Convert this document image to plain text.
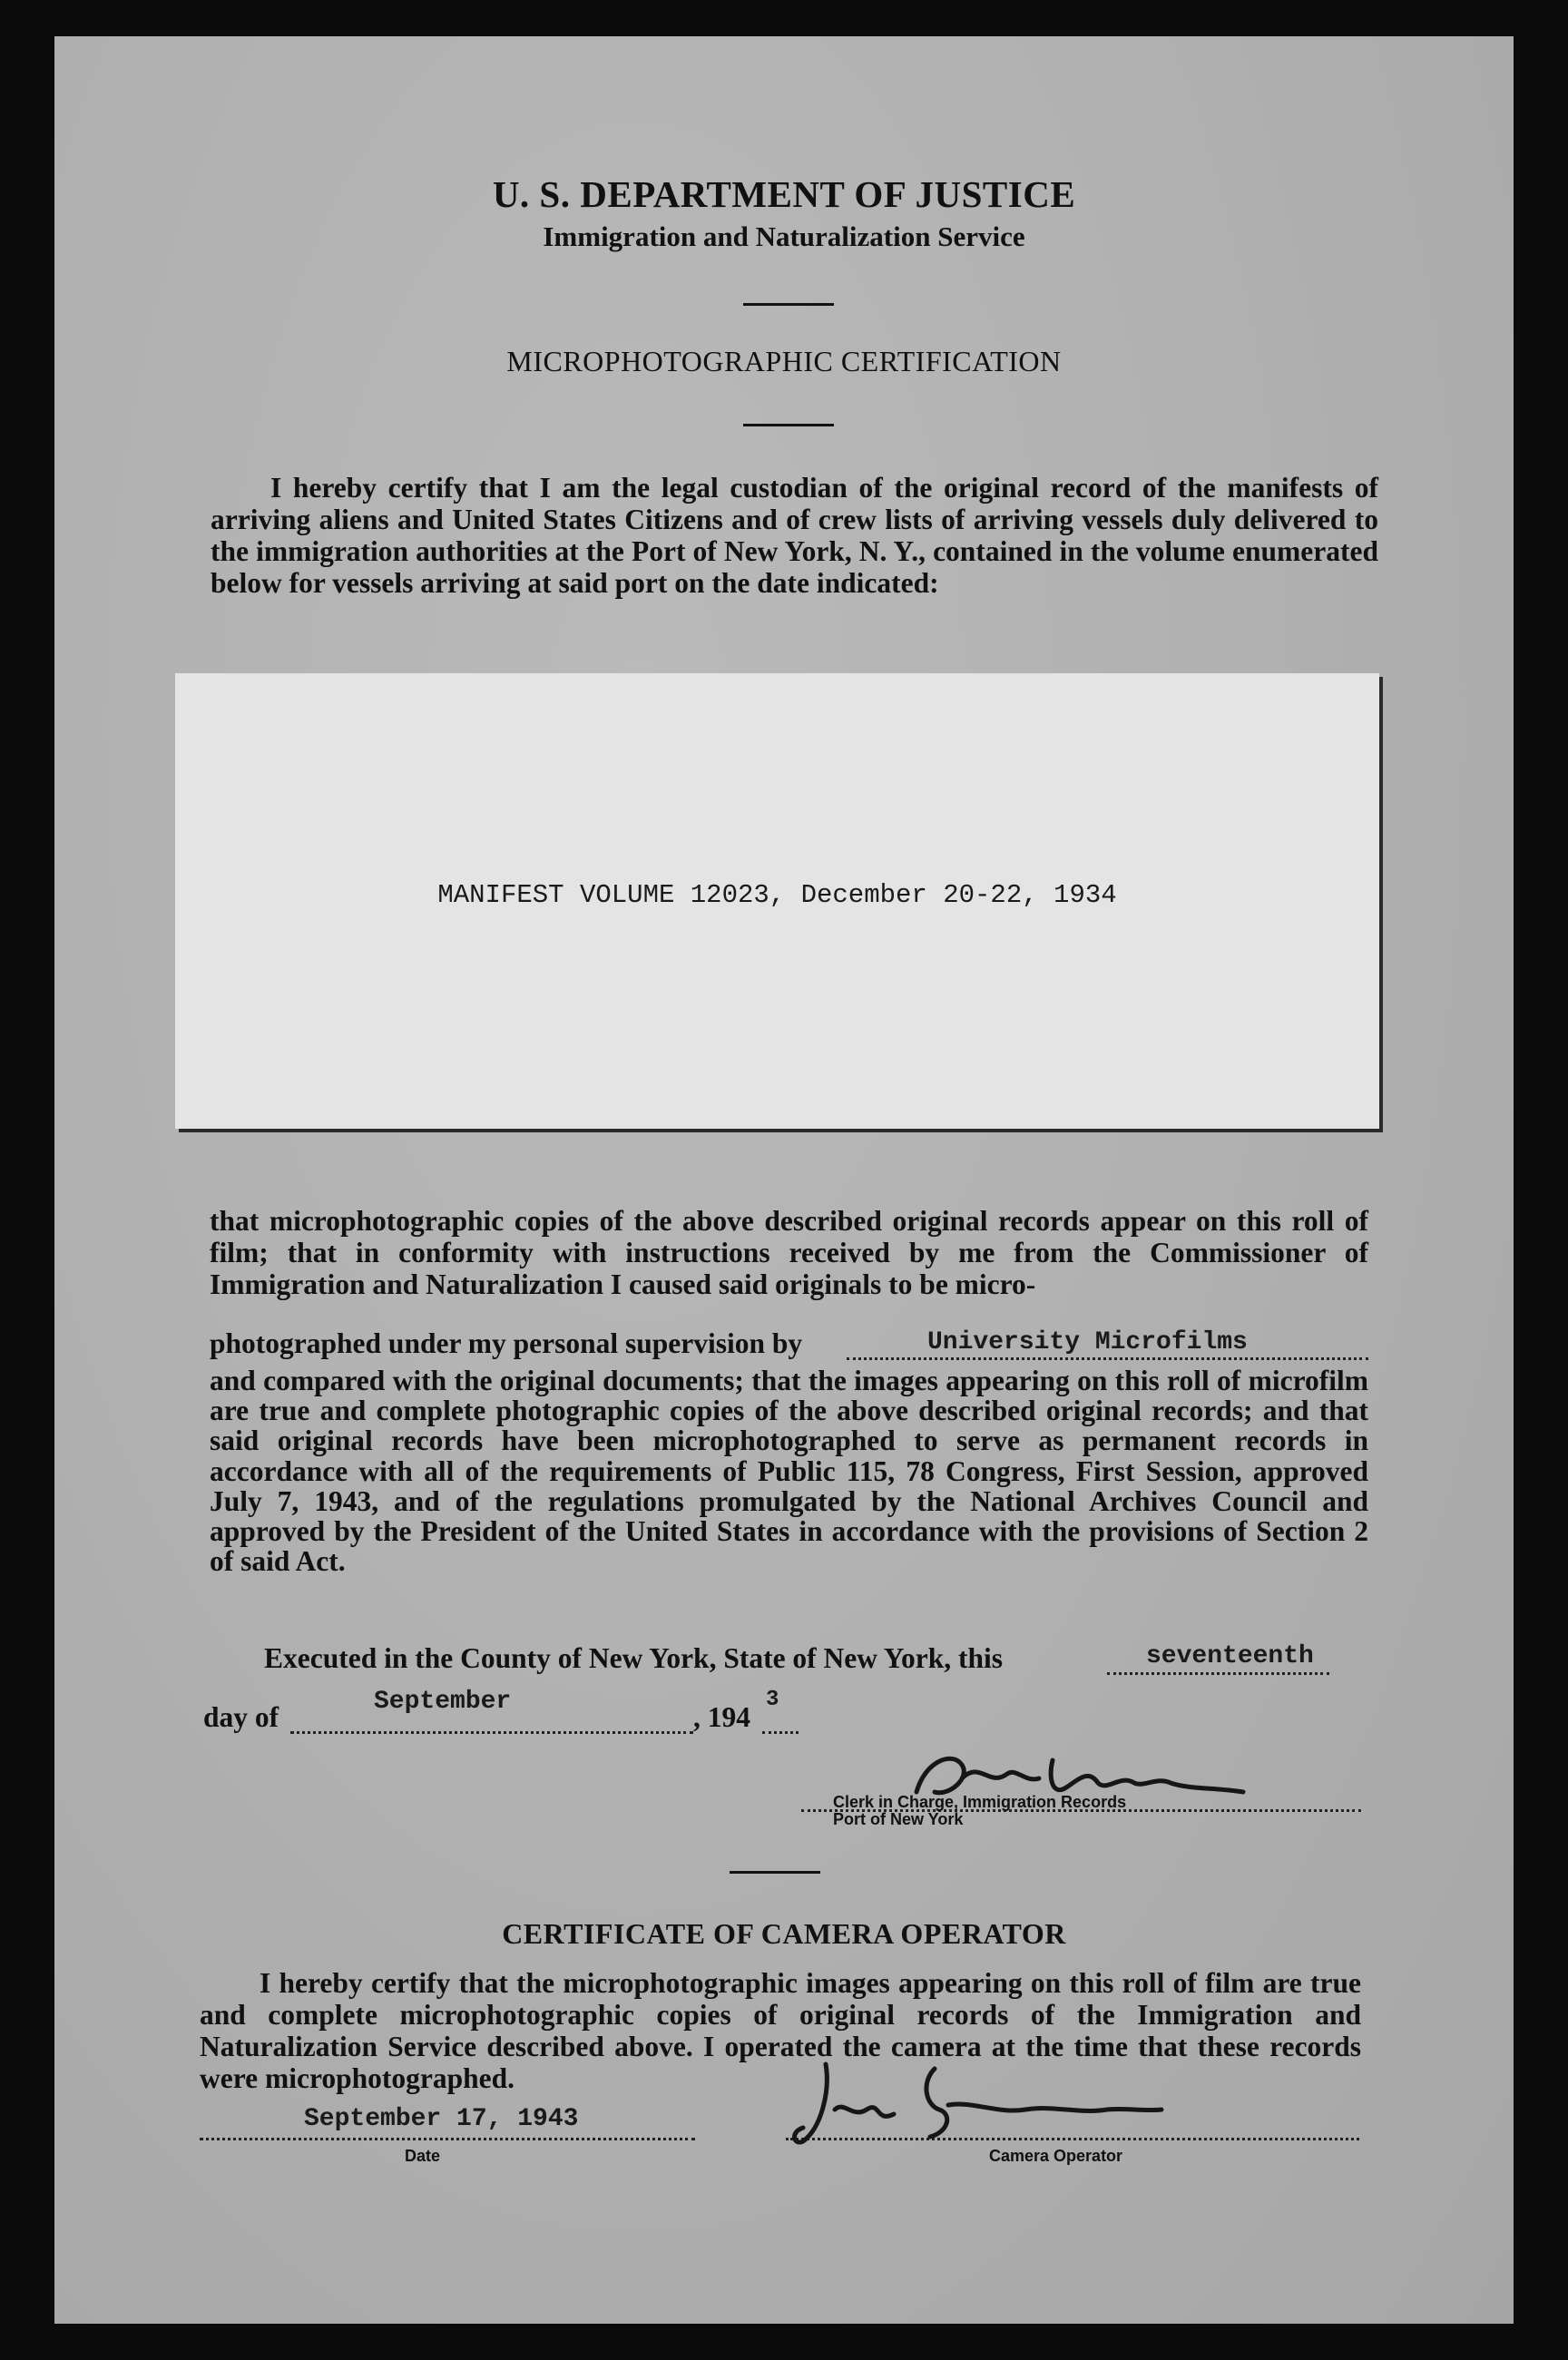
U. S. DEPARTMENT OF JUSTICE
Immigration and Naturalization Service
MICROPHOTOGRAPHIC CERTIFICATION

I hereby certify that I am the legal custodian of the original record of the manifests of arriving aliens and United States Citizens and of crew lists of arriving vessels duly delivered to the immigration authorities at the Port of New York, N. Y., contained in the volume enumerated below for vessels arriving at said port on the date indicated:

MANIFEST VOLUME 12023, December 20-22, 1934

that microphotographic copies of the above described original records appear on this roll of film; that in conformity with instructions received by me from the Commissioner of Immigration and Naturalization I caused said originals to be micro-

photographed under my personal supervision by	University Microfilms

and compared with the original documents; that the images appearing on this roll of microfilm are true and complete photographic copies of the above described original records; and that said original records have been microphotographed to serve as permanent records in accordance with all of the requirements of Public 115, 78 Congress, First Session, approved July 7, 1943, and of the regulations promulgated by the National Archives Council and approved by the President of the United States in accordance with the provisions of Section 2 of said Act.

Executed in the County of New York, State of New York, this	seventeenth
day of	September	, 194
3
Clerk in Charge, Immigration Records
Port of New York
CERTIFICATE OF CAMERA OPERATOR

I hereby certify that the microphotographic images appearing on this roll of film are true and complete microphotographic copies of original records of the Immigration and Naturalization Service described above. I operated the camera at the time that these records were microphotographed.

September 17, 1943
Date	Camera Operator
